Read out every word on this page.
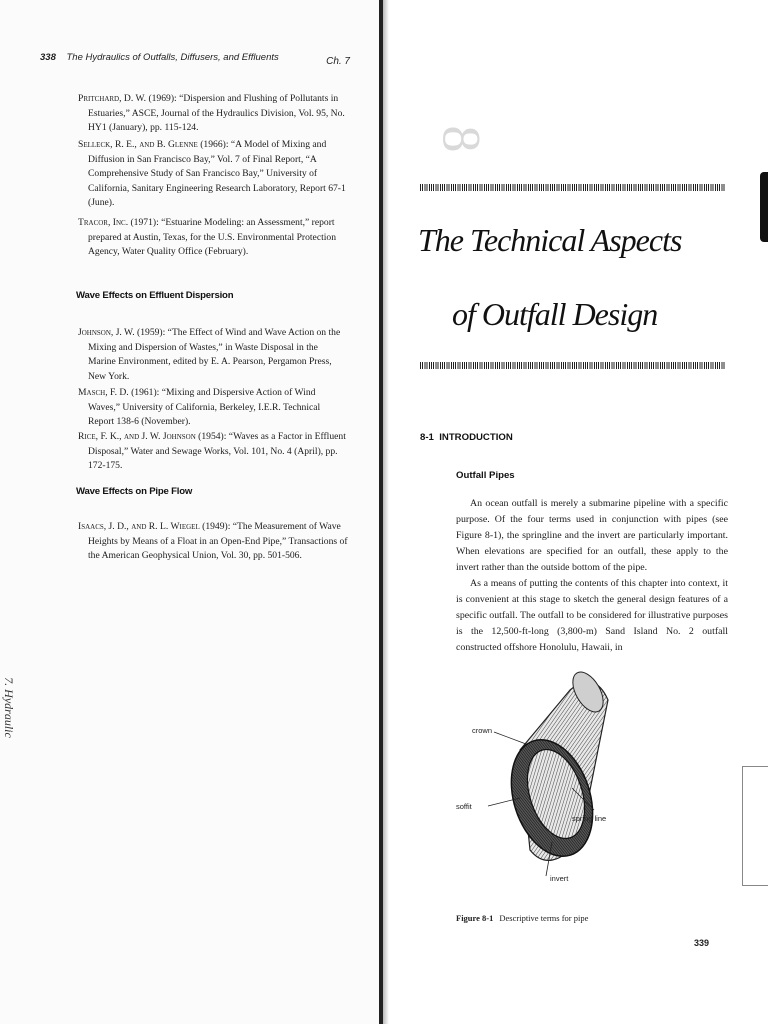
338 The Hydraulics of Outfalls, Diffusers, and Effluents	Ch. 7
Pritchard, D. W. (1969): “Dispersion and Flushing of Pollutants in Estuaries,” ASCE, Journal of the Hydraulics Division, Vol. 95, No. HY1 (January), pp. 115-124.
Selleck, R. E., and B. Glenne (1966): “A Model of Mixing and Diffusion in San Francisco Bay,” Vol. 7 of Final Report, “A Comprehensive Study of San Francisco Bay,” University of California, Sanitary Engineering Research Laboratory, Report 67-1 (June).
Tracor, Inc. (1971): “Estuarine Modeling: an Assessment,” report prepared at Austin, Texas, for the U.S. Environmental Protection Agency, Water Quality Office (February).
Wave Effects on Effluent Dispersion
Johnson, J. W. (1959): “The Effect of Wind and Wave Action on the Mixing and Dispersion of Wastes,” in Waste Disposal in the Marine Environment, edited by E. A. Pearson, Pergamon Press, New York.
Masch, F. D. (1961): “Mixing and Dispersive Action of Wind Waves,” University of California, Berkeley, I.E.R. Technical Report 138-6 (November).
Rice, F. K., and J. W. Johnson (1954): “Waves as a Factor in Effluent Disposal,” Water and Sewage Works, Vol. 101, No. 4 (April), pp. 172-175.
Wave Effects on Pipe Flow
Isaacs, J. D., and R. L. Wiegel (1949): “The Measurement of Wave Heights by Means of a Float in an Open-End Pipe,” Transactions of the American Geophysical Union, Vol. 30, pp. 501-506.
7. Hydraulic
8
The Technical Aspects
of Outfall Design
8-1 INTRODUCTION
Outfall Pipes

An ocean outfall is merely a submarine pipeline with a specific purpose. Of the four terms used in conjunction with pipes (see Figure 8-1), the springline and the invert are particularly important. When elevations are specified for an outfall, these apply to the invert rather than the outside bottom of the pipe.

As a means of putting the contents of this chapter into context, it is convenient at this stage to sketch the general design features of a specific outfall. The outfall to be considered for illustrative purposes is the 12,500-ft-long (3,800-m) Sand Island No. 2 outfall constructed offshore Honolulu, Hawaii, in

crown
soffit
spring line
invert
Figure 8-1 Descriptive terms for pipe
339
